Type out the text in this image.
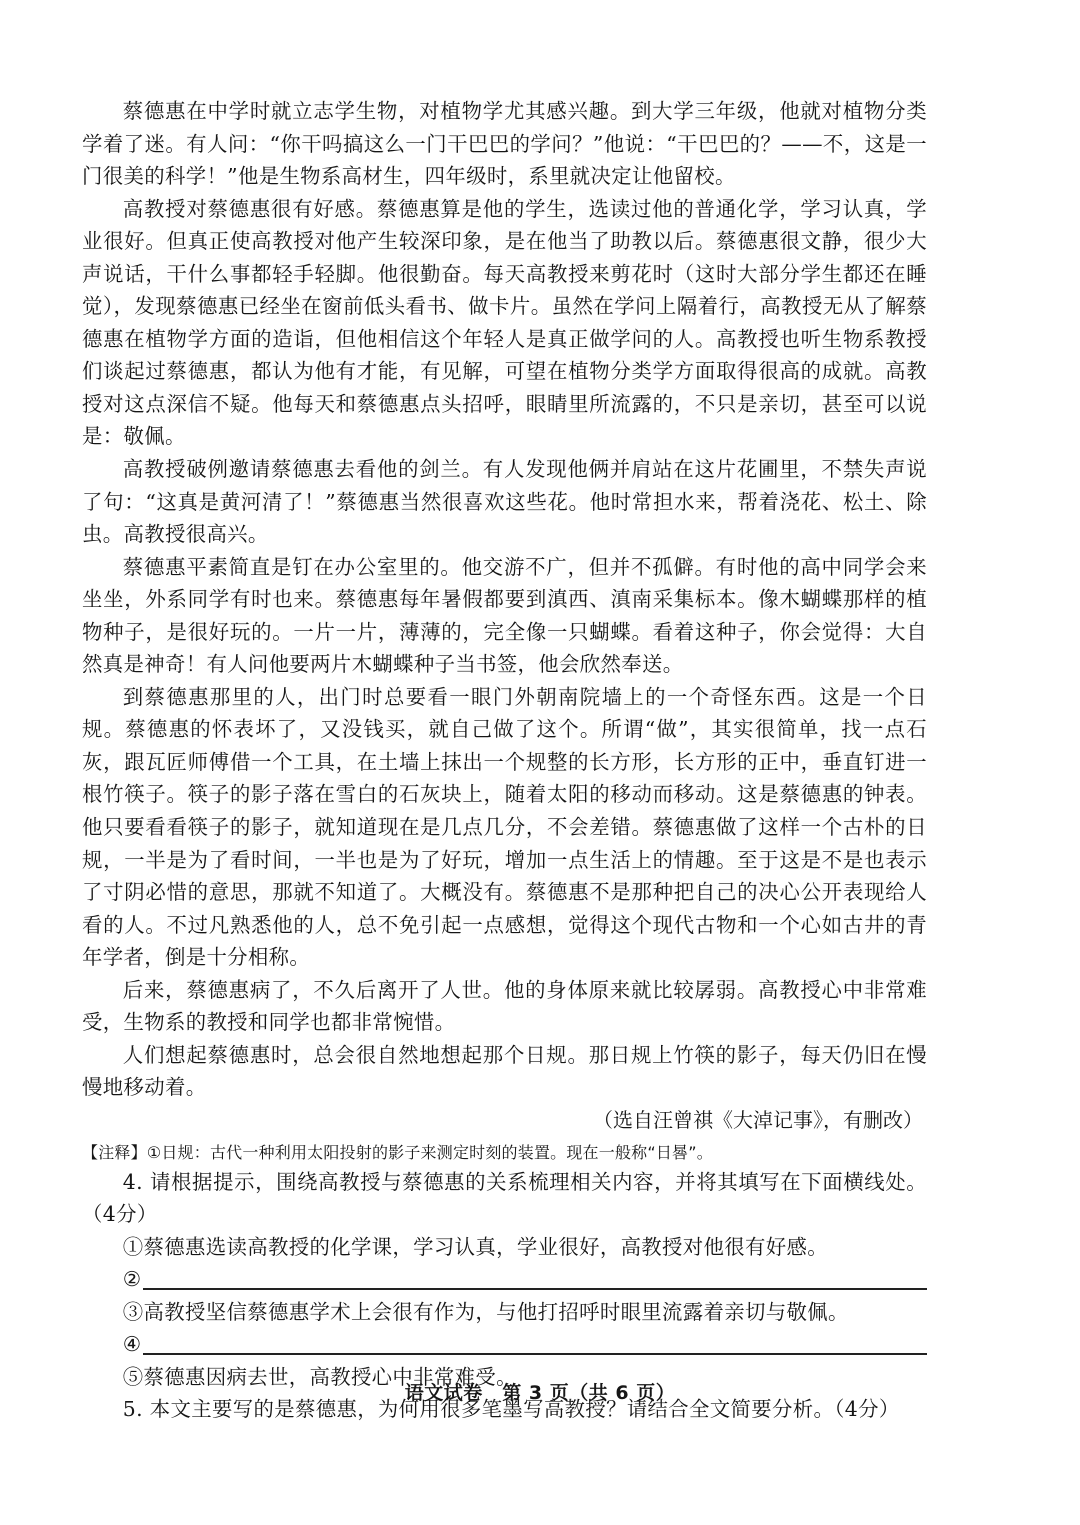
蔡德惠在中学时就立志学生物，对植物学尤其感兴趣。到大学三年级，他就对植物分类学着了迷。有人问：“你干吗搞这么一门干巴巴的学问？”他说：“干巴巴的？——不，这是一门很美的科学！”他是生物系高材生，四年级时，系里就决定让他留校。

高教授对蔡德惠很有好感。蔡德惠算是他的学生，选读过他的普通化学，学习认真，学业很好。但真正使高教授对他产生较深印象，是在他当了助教以后。蔡德惠很文静，很少大声说话，干什么事都轻手轻脚。他很勤奋。每天高教授来剪花时（这时大部分学生都还在睡觉），发现蔡德惠已经坐在窗前低头看书、做卡片。虽然在学问上隔着行，高教授无从了解蔡德惠在植物学方面的造诣，但他相信这个年轻人是真正做学问的人。高教授也听生物系教授们谈起过蔡德惠，都认为他有才能，有见解，可望在植物分类学方面取得很高的成就。高教授对这点深信不疑。他每天和蔡德惠点头招呼，眼睛里所流露的，不只是亲切，甚至可以说是：敬佩。

高教授破例邀请蔡德惠去看他的剑兰。有人发现他俩并肩站在这片花圃里，不禁失声说了句：“这真是黄河清了！”蔡德惠当然很喜欢这些花。他时常担水来，帮着浇花、松土、除虫。高教授很高兴。

蔡德惠平素简直是钉在办公室里的。他交游不广，但并不孤僻。有时他的高中同学会来坐坐，外系同学有时也来。蔡德惠每年暑假都要到滇西、滇南采集标本。像木蝴蝶那样的植物种子，是很好玩的。一片一片，薄薄的，完全像一只蝴蝶。看着这种子，你会觉得：大自然真是神奇！有人问他要两片木蝴蝶种子当书签，他会欣然奉送。

到蔡德惠那里的人，出门时总要看一眼门外朝南院墙上的一个奇怪东西。这是一个日规。蔡德惠的怀表坏了，又没钱买，就自己做了这个。所谓“做”，其实很简单，找一点石灰，跟瓦匠师傅借一个工具，在土墙上抹出一个规整的长方形，长方形的正中，垂直钉进一根竹筷子。筷子的影子落在雪白的石灰块上，随着太阳的移动而移动。这是蔡德惠的钟表。他只要看看筷子的影子，就知道现在是几点几分，不会差错。蔡德惠做了这样一个古朴的日规，一半是为了看时间，一半也是为了好玩，增加一点生活上的情趣。至于这是不是也表示了寸阴必惜的意思，那就不知道了。大概没有。蔡德惠不是那种把自己的决心公开表现给人看的人。不过凡熟悉他的人，总不免引起一点感想，觉得这个现代古物和一个心如古井的青年学者，倒是十分相称。

后来，蔡德惠病了，不久后离开了人世。他的身体原来就比较孱弱。高教授心中非常难受，生物系的教授和同学也都非常惋惜。

人们想起蔡德惠时，总会很自然地想起那个日规。那日规上竹筷的影子，每天仍旧在慢慢地移动着。

（选自汪曾祺《大淖记事》，有删改）

【注释】①日规：古代一种利用太阳投射的影子来测定时刻的装置。现在一般称“日晷”。

4. 请根据提示，围绕高教授与蔡德惠的关系梳理相关内容，并将其填写在下面横线处。（4分）

①蔡德惠选读高教授的化学课，学习认真，学业很好，高教授对他很有好感。

②

③高教授坚信蔡德惠学术上会很有作为，与他打招呼时眼里流露着亲切与敬佩。

④

⑤蔡德惠因病去世，高教授心中非常难受。

5. 本文主要写的是蔡德惠，为何用很多笔墨写高教授？请结合全文简要分析。（4分）

语文试卷　第 3 页（共 6 页）
